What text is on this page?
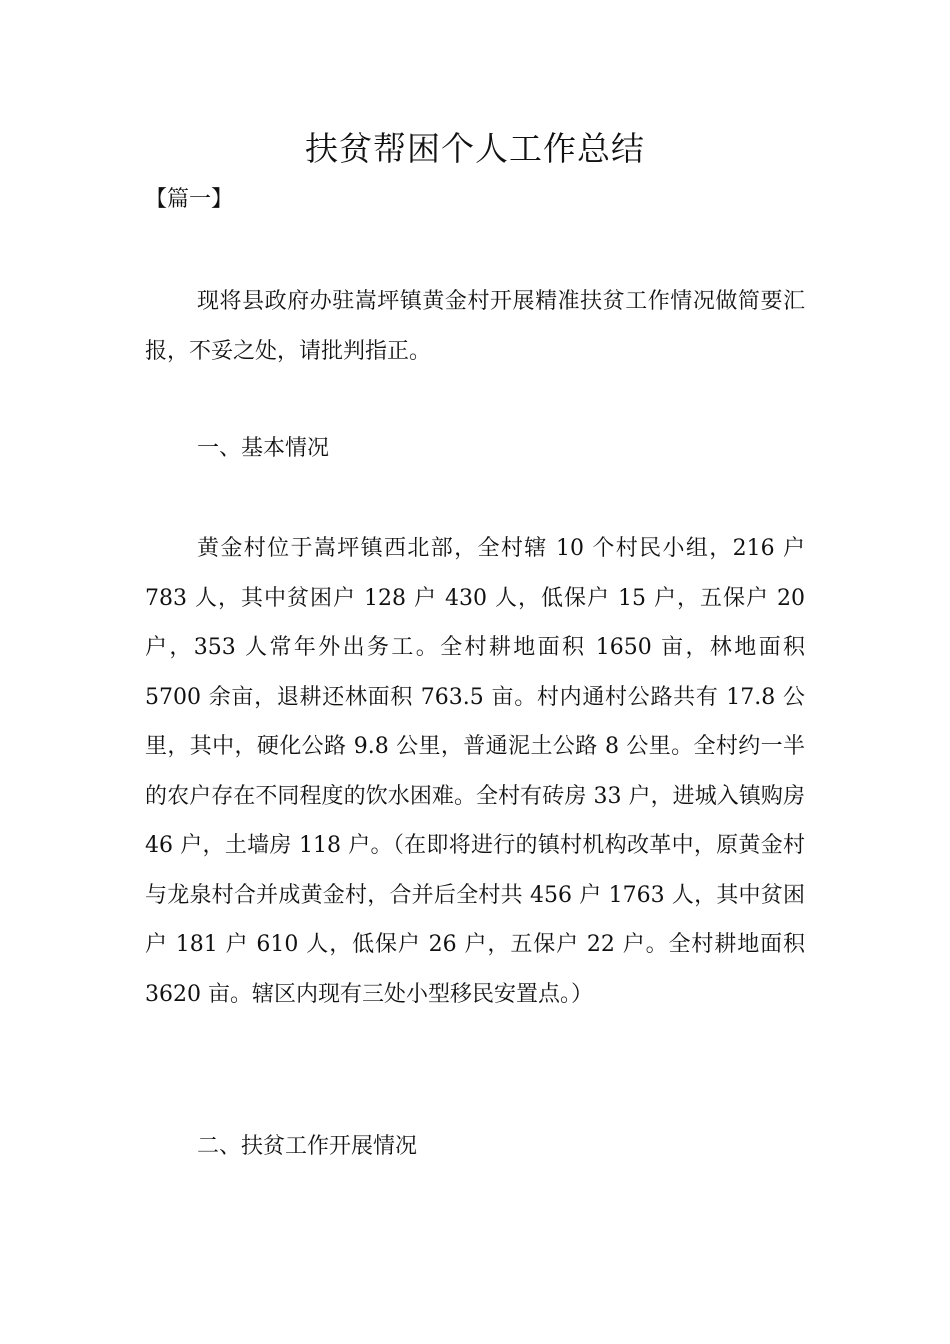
扶贫帮困个人工作总结
【篇一】

现将县政府办驻嵩坪镇黄金村开展精准扶贫工作情况做简要汇报，不妥之处，请批判指正。

一、基本情况

黄金村位于嵩坪镇西北部，全村辖 10 个村民小组，216 户 783 人，其中贫困户 128 户 430 人，低保户 15 户，五保户 20 户，353 人常年外出务工。全村耕地面积 1650 亩，林地面积 5700 余亩，退耕还林面积 763.5 亩。村内通村公路共有 17.8 公里，其中，硬化公路 9.8 公里，普通泥土公路 8 公里。全村约一半的农户存在不同程度的饮水困难。全村有砖房 33 户，进城入镇购房 46 户，土墙房 118 户。（在即将进行的镇村机构改革中，原黄金村与龙泉村合并成黄金村，合并后全村共 456 户 1763 人，其中贫困户 181 户 610 人，低保户 26 户，五保户 22 户。全村耕地面积 3620 亩。辖区内现有三处小型移民安置点。）

二、扶贫工作开展情况
